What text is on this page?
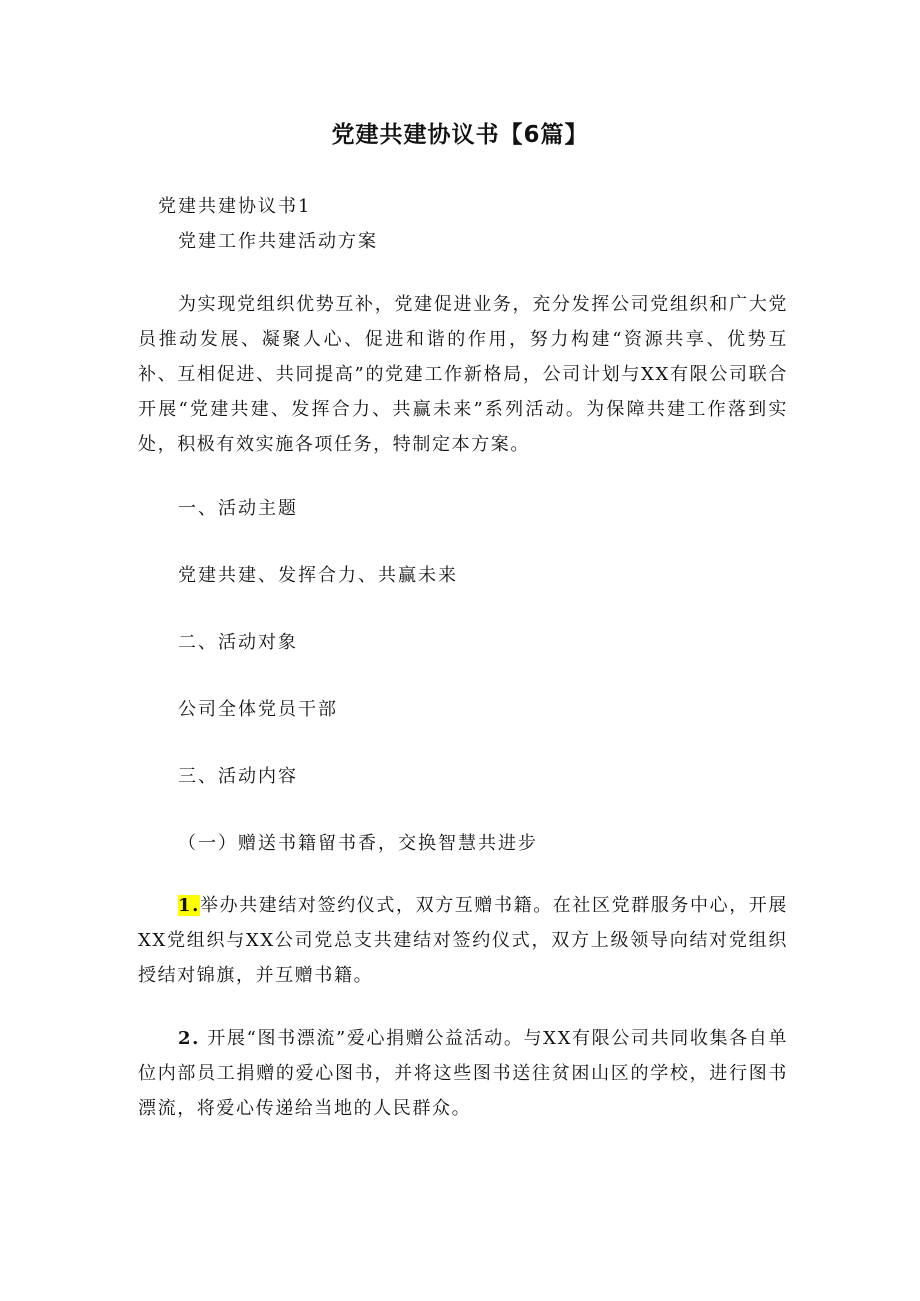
党建共建协议书【6篇】
党建共建协议书1
党建工作共建活动方案
为实现党组织优势互补，党建促进业务，充分发挥公司党组织和广大党员推动发展、凝聚人心、促进和谐的作用，努力构建“资源共享、优势互补、互相促进、共同提高”的党建工作新格局，公司计划与XX有限公司联合开展“党建共建、发挥合力、共赢未来”系列活动。为保障共建工作落到实处，积极有效实施各项任务，特制定本方案。
一、活动主题
党建共建、发挥合力、共赢未来
二、活动对象
公司全体党员干部
三、活动内容
（一）赠送书籍留书香，交换智慧共进步
1.举办共建结对签约仪式，双方互赠书籍。在社区党群服务中心，开展XX党组织与XX公司党总支共建结对签约仪式，双方上级领导向结对党组织授结对锦旗，并互赠书籍。
2. 开展“图书漂流”爱心捐赠公益活动。与XX有限公司共同收集各自单位内部员工捐赠的爱心图书，并将这些图书送往贫困山区的学校，进行图书漂流，将爱心传递给当地的人民群众。
